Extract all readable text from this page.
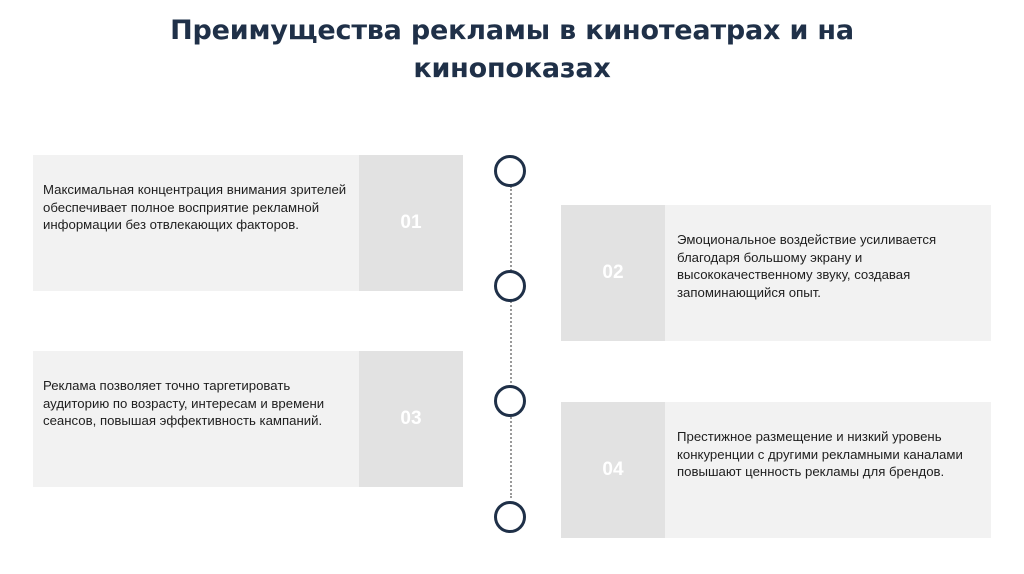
Преимущества рекламы в кинотеатрах и на кинопоказах
Максимальная концентрация внимания зрителей обеспечивает полное восприятие рекламной информации без отвлекающих факторов.	01
02
Эмоциональное воздействие усиливается благодаря большому экрану и высококачественному звуку, создавая запоминающийся опыт.
Реклама позволяет точно таргетировать аудиторию по возрасту, интересам и времени сеансов, повышая эффективность кампаний.	03
04
Престижное размещение и низкий уровень конкуренции с другими рекламными каналами повышают ценность рекламы для брендов.
